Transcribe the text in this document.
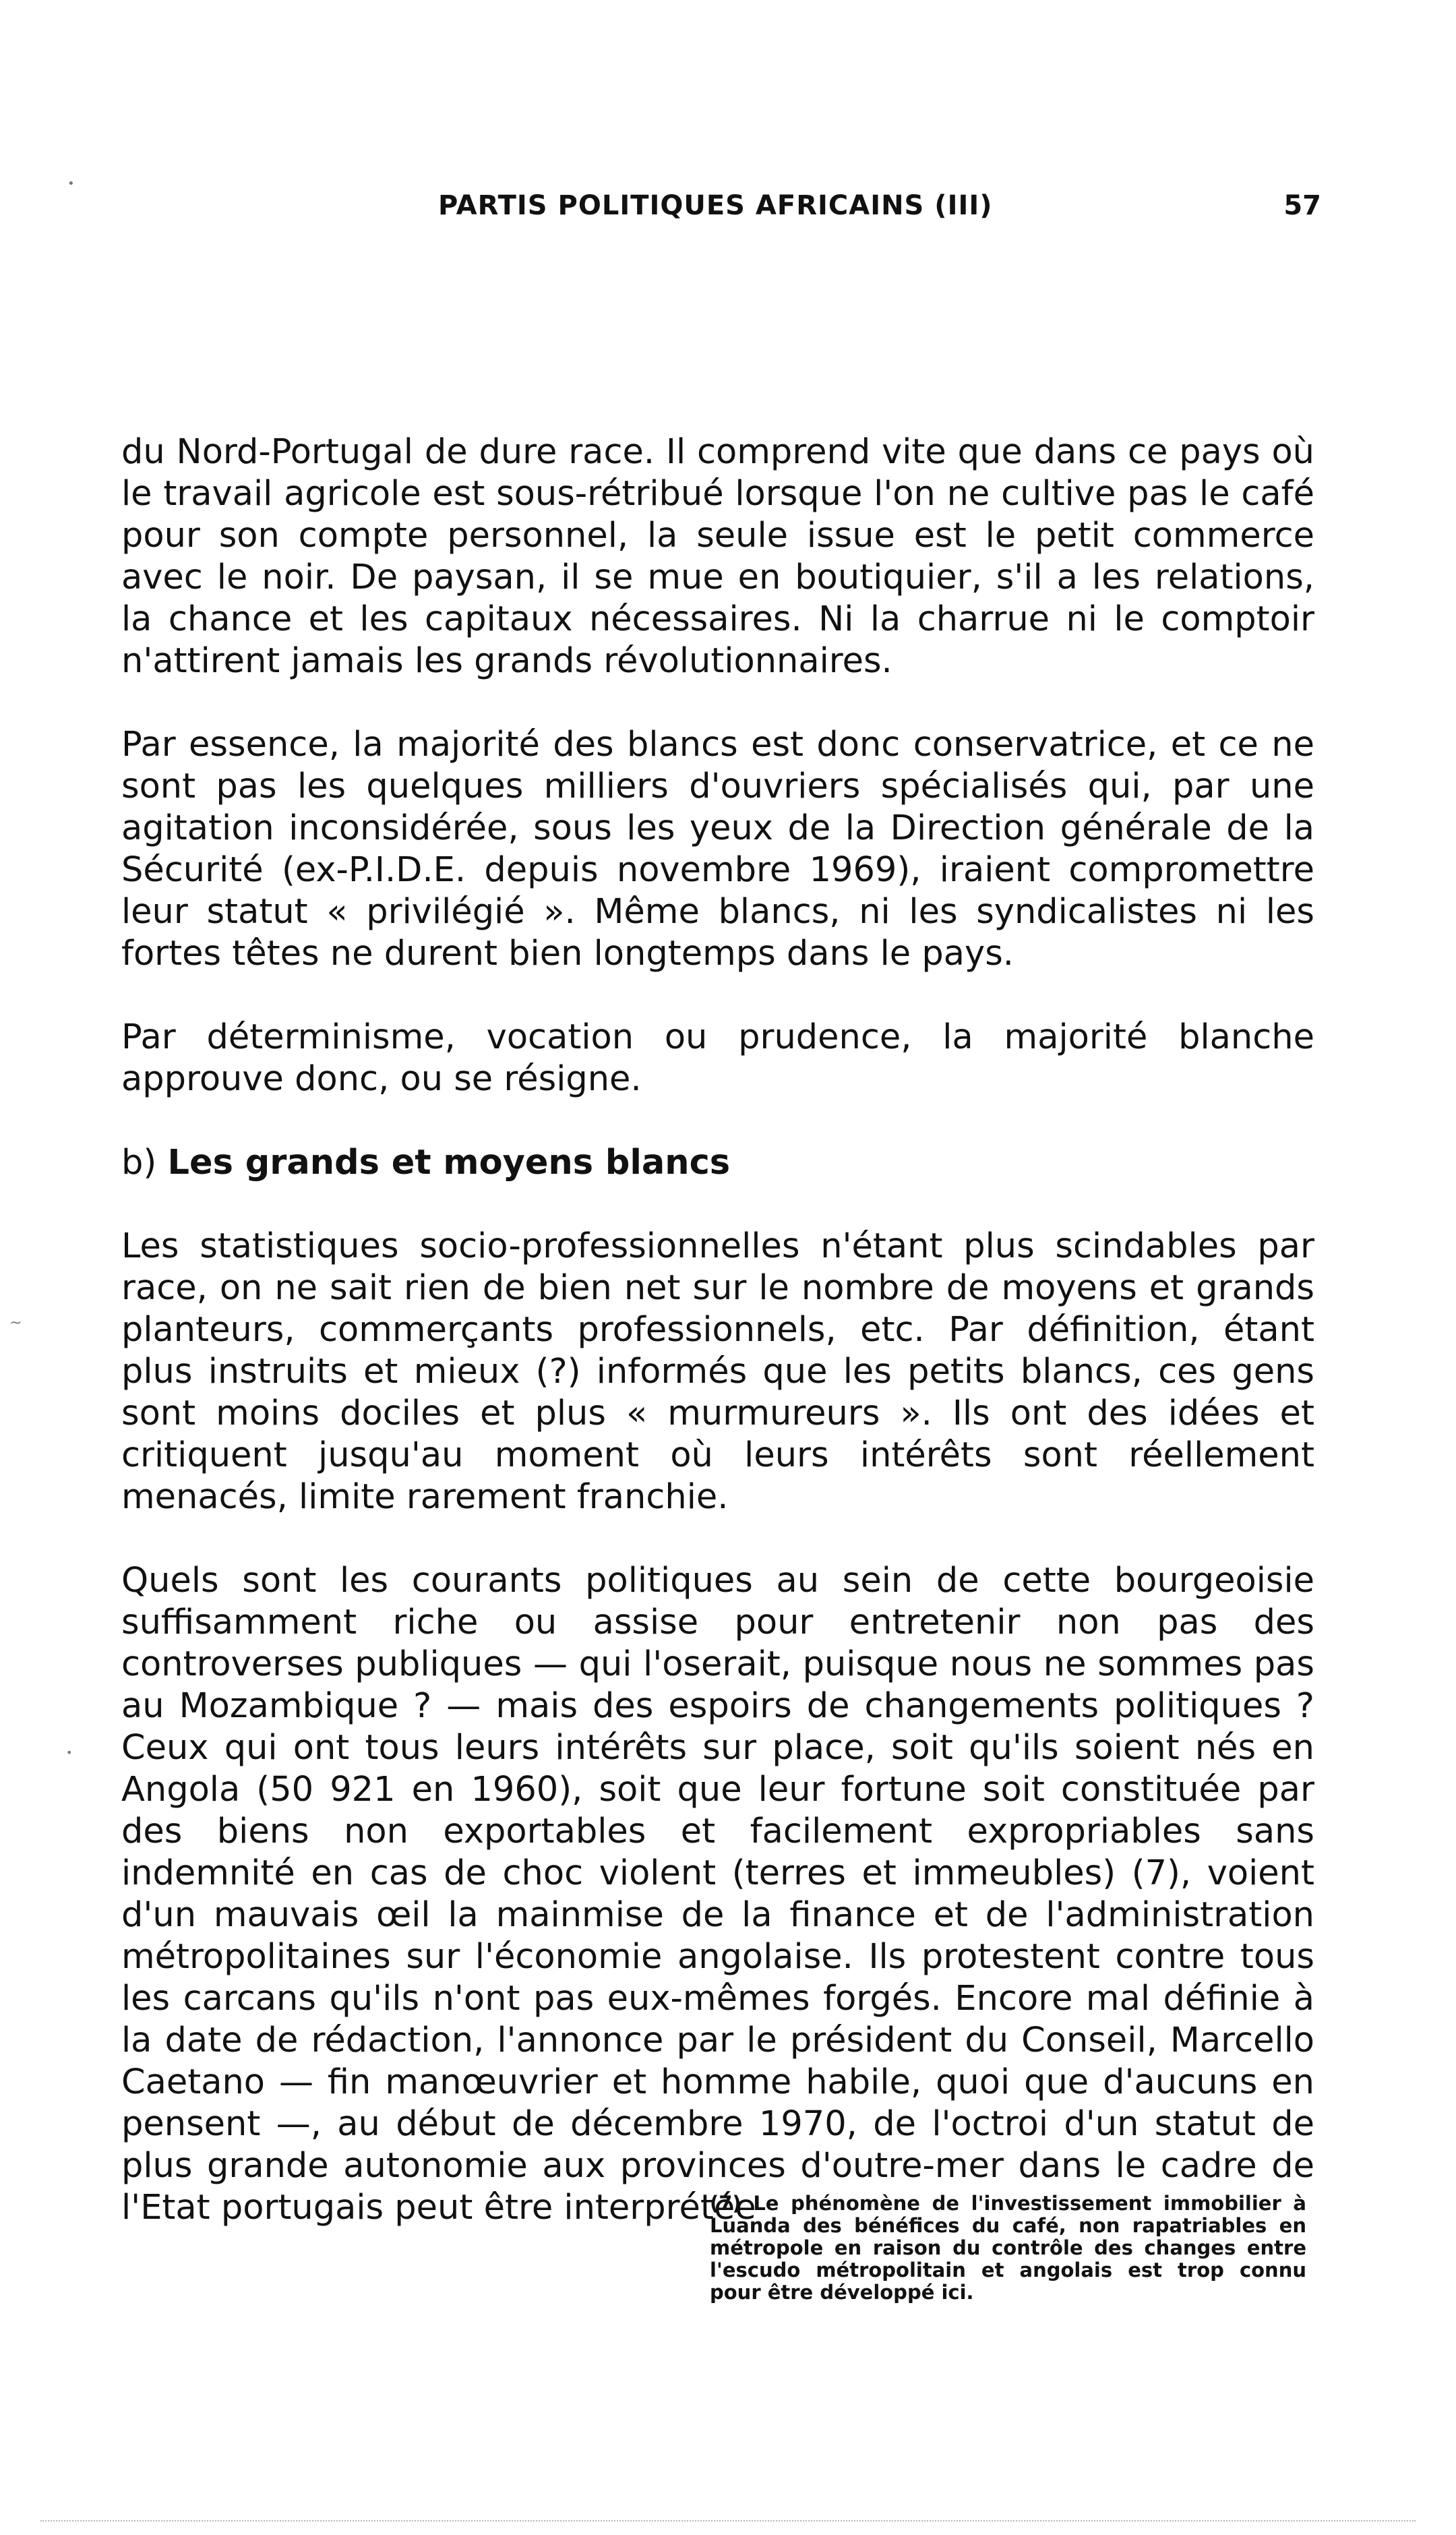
PARTIS POLITIQUES AFRICAINS (III)	57

du Nord-Portugal de dure race. Il comprend vite que dans ce pays où le travail agricole est sous-rétribué lorsque l'on ne cultive pas le café pour son compte personnel, la seule issue est le petit commerce avec le noir. De paysan, il se mue en boutiquier, s'il a les relations, la chance et les capitaux nécessaires. Ni la charrue ni le comptoir n'attirent jamais les grands révolutionnaires.

Par essence, la majorité des blancs est donc conservatrice, et ce ne sont pas les quelques milliers d'ouvriers spécialisés qui, par une agitation inconsidérée, sous les yeux de la Direction générale de la Sécurité (ex-P.I.D.E. depuis novembre 1969), iraient compromettre leur statut « privilégié ». Même blancs, ni les syndicalistes ni les fortes têtes ne durent bien longtemps dans le pays.

Par déterminisme, vocation ou prudence, la majorité blanche approuve donc, ou se résigne.

b) Les grands et moyens blancs

Les statistiques socio-professionnelles n'étant plus scindables par race, on ne sait rien de bien net sur le nombre de moyens et grands planteurs, commerçants professionnels, etc. Par définition, étant plus instruits et mieux (?) informés que les petits blancs, ces gens sont moins dociles et plus « murmureurs ». Ils ont des idées et critiquent jusqu'au moment où leurs intérêts sont réellement menacés, limite rarement franchie.

Quels sont les courants politiques au sein de cette bourgeoisie suffisamment riche ou assise pour entretenir non pas des controverses publiques — qui l'oserait, puisque nous ne sommes pas au Mozambique ? — mais des espoirs de changements politiques ? Ceux qui ont tous leurs intérêts sur place, soit qu'ils soient nés en Angola (50 921 en 1960), soit que leur fortune soit constituée par des biens non exportables et facilement expropriables sans indemnité en cas de choc violent (terres et immeubles) (7), voient d'un mauvais œil la mainmise de la finance et de l'administration métropolitaines sur l'économie angolaise. Ils protestent contre tous les carcans qu'ils n'ont pas eux-mêmes forgés. Encore mal définie à la date de rédaction, l'annonce par le président du Conseil, Marcello Caetano — fin manœuvrier et homme habile, quoi que d'aucuns en pensent —, au début de décembre 1970, de l'octroi d'un statut de plus grande autonomie aux provinces d'outre-mer dans le cadre de l'Etat portugais peut être interprétée

(7) Le phénomène de l'investissement immobilier à Luanda des bénéfices du café, non rapatriables en métropole en raison du contrôle des changes entre l'escudo métropolitain et angolais est trop connu pour être développé ici.
•
~
•
